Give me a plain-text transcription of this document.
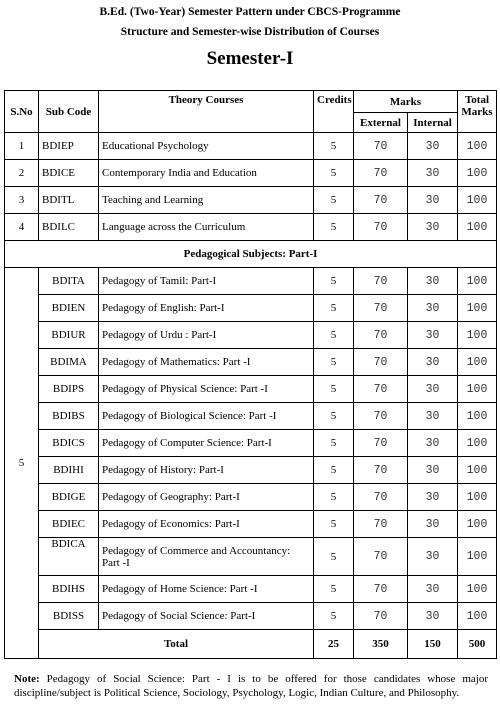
B.Ed. (Two-Year) Semester Pattern under CBCS-Programme
Structure and Semester-wise Distribution of Courses
Semester-I
S.No	Sub Code	Theory Courses	Credits	Marks		Total Marks
				External	Internal	
1	BDIEP	Educational Psychology	5	70	30	100
2	BDICE	Contemporary India and Education	5	70	30	100
3	BDITL	Teaching and Learning	5	70	30	100
4	BDILC	Language across the Curriculum	5	70	30	100
Pedagogical Subjects: Part-I						
5	BDITA	Pedagogy of Tamil: Part-I	5	70	30	100
	BDIEN	Pedagogy of English: Part-I	5	70	30	100
	BDIUR	Pedagogy of Urdu : Part-I	5	70	30	100
	BDIMA	Pedagogy of Mathematics: Part -I	5	70	30	100
	BDIPS	Pedagogy of Physical Science: Part -I	5	70	30	100
	BDIBS	Pedagogy of Biological Science: Part -I	5	70	30	100
	BDICS	Pedagogy of Computer Science: Part-I	5	70	30	100
	BDIHI	Pedagogy of History: Part-I	5	70	30	100
	BDIGE	Pedagogy of Geography: Part-I	5	70	30	100
	BDIEC	Pedagogy of Economics: Part-I	5	70	30	100
	BDICA	Pedagogy of Commerce and Accountancy: Part -I	5	70	30	100
	BDIHS	Pedagogy of Home Science: Part -I	5	70	30	100
	BDISS	Pedagogy of Social Science: Part-I	5	70	30	100
	Total		25	350	150	500
Note: Pedagogy of Social Science: Part - I is to be offered for those candidates whose major discipline/subject is Political Science, Sociology, Psychology, Logic, Indian Culture, and Philosophy.
